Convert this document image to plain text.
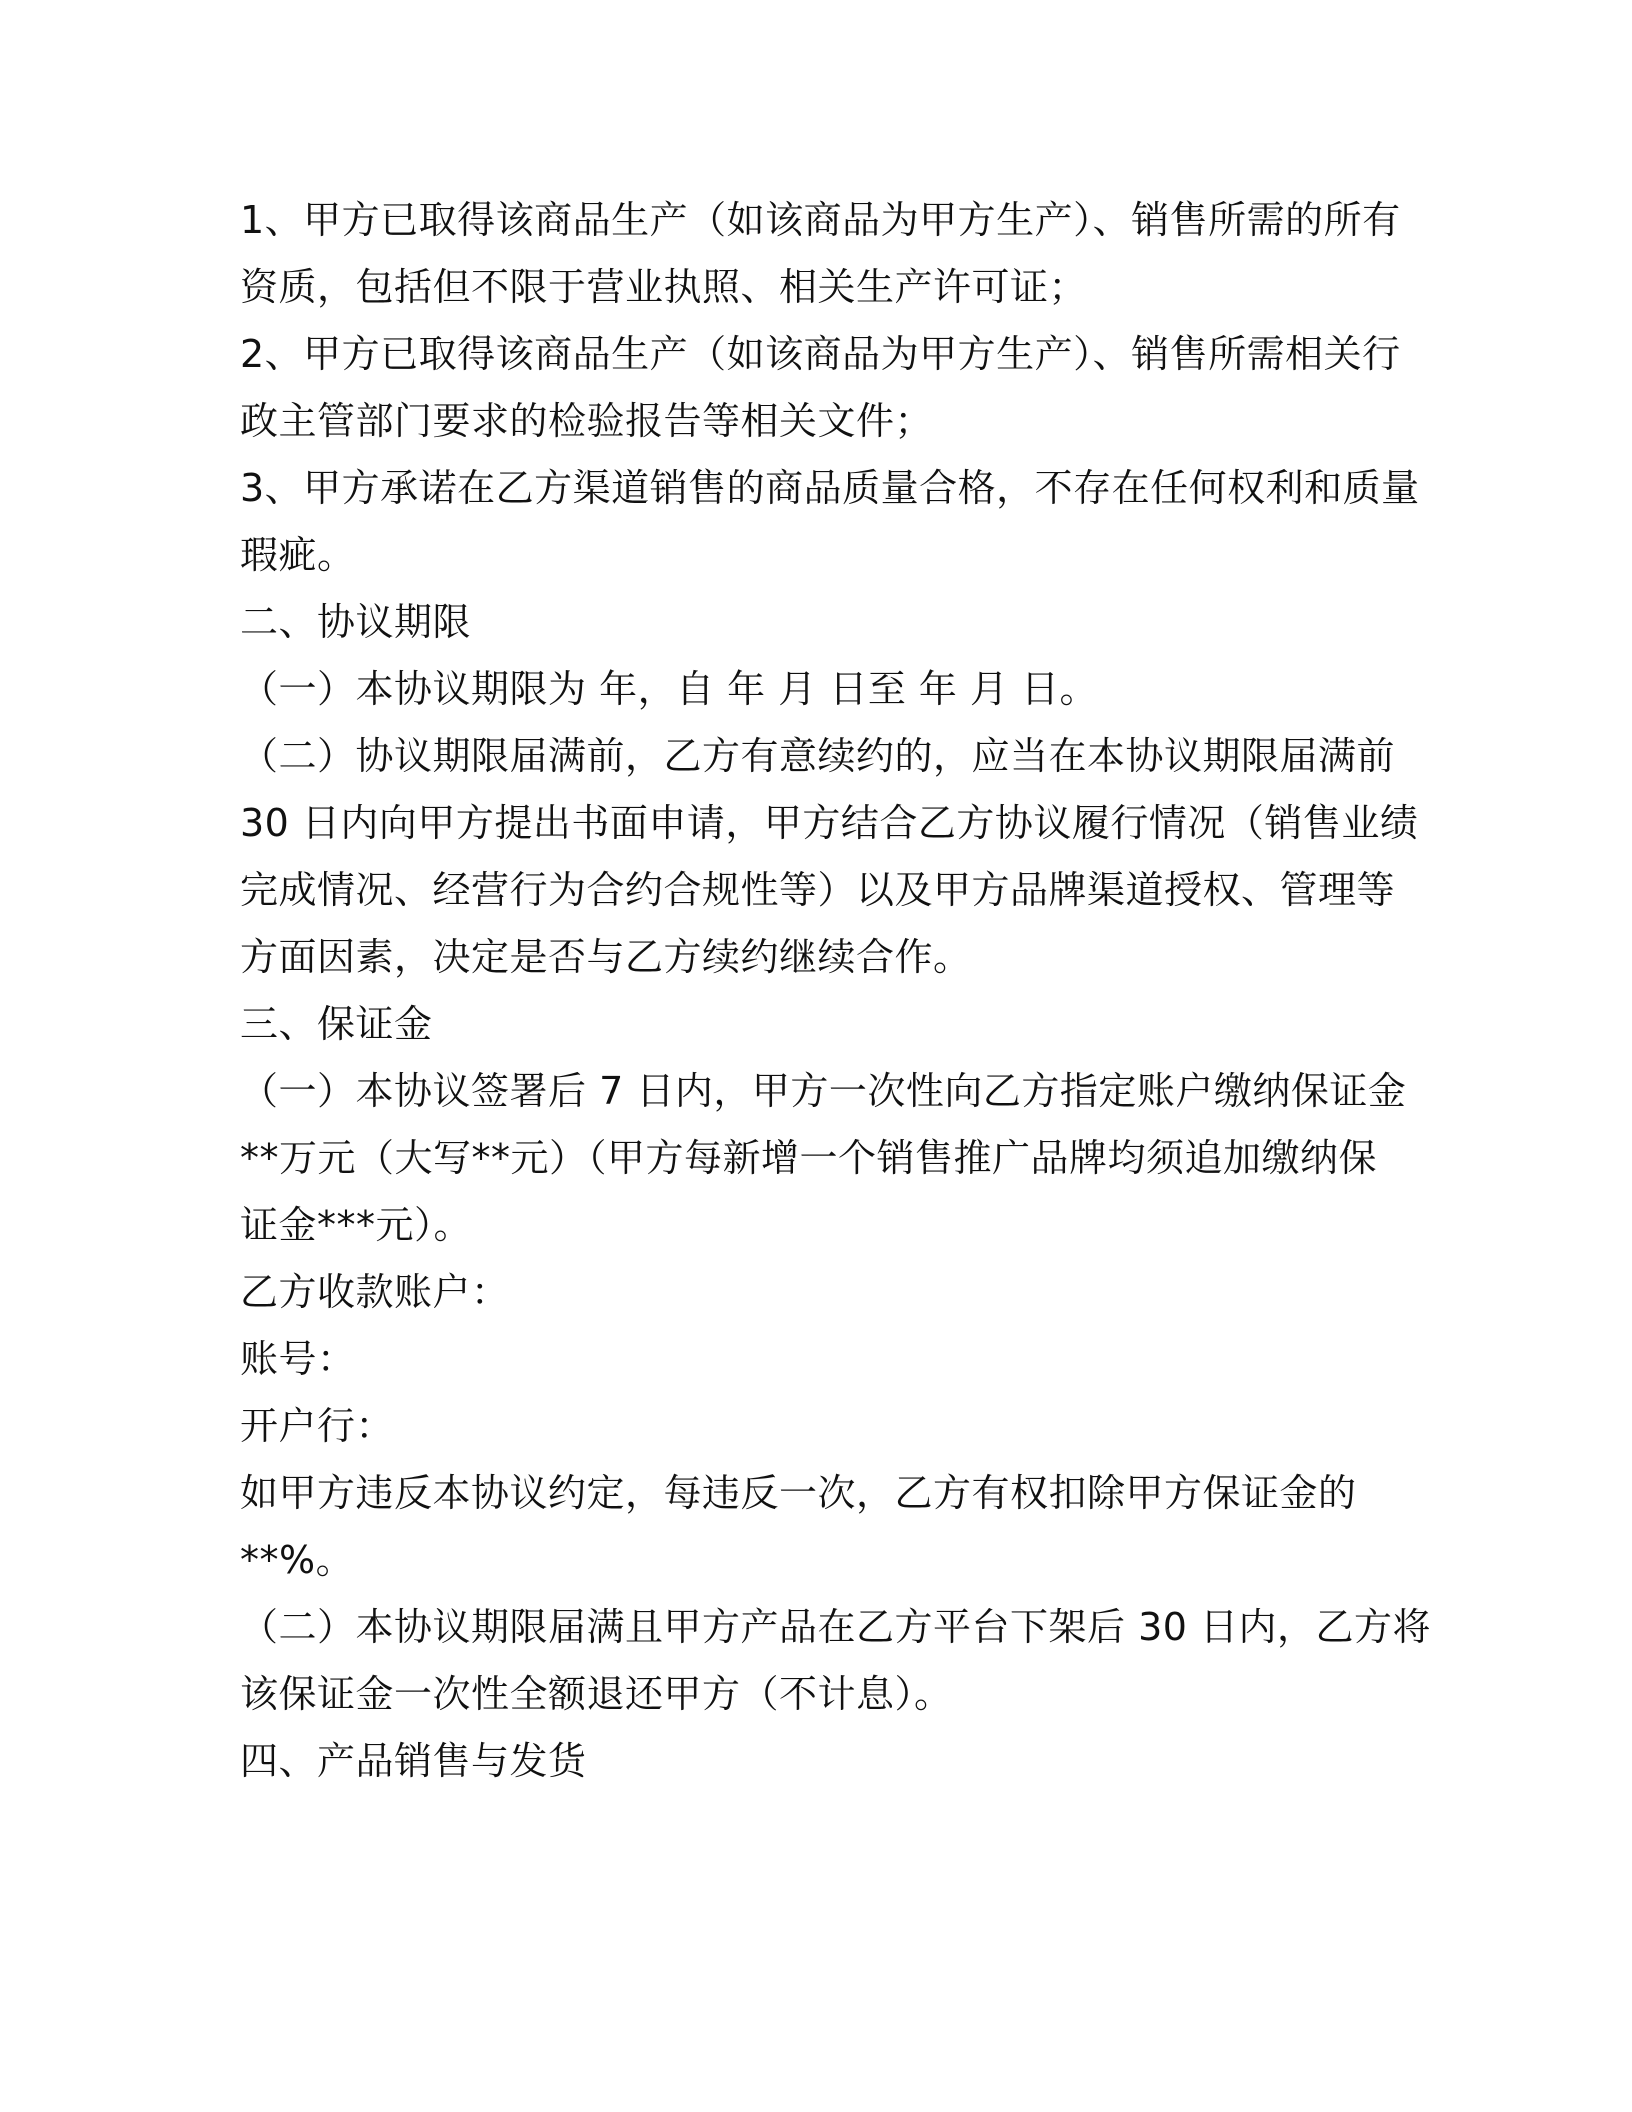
1、甲方已取得该商品生产（如该商品为甲方生产）、销售所需的所有
资质，包括但不限于营业执照、相关生产许可证；
2、甲方已取得该商品生产（如该商品为甲方生产）、销售所需相关行
政主管部门要求的检验报告等相关文件；
3、甲方承诺在乙方渠道销售的商品质量合格，不存在任何权利和质量
瑕疵。
二、协议期限
（一）本协议期限为 年，自 年 月 日至 年 月 日。
（二）协议期限届满前，乙方有意续约的，应当在本协议期限届满前
30 日内向甲方提出书面申请，甲方结合乙方协议履行情况（销售业绩
完成情况、经营行为合约合规性等）以及甲方品牌渠道授权、管理等
方面因素，决定是否与乙方续约继续合作。
三、保证金
（一）本协议签署后 7 日内，甲方一次性向乙方指定账户缴纳保证金
**万元（大写**元）（甲方每新增一个销售推广品牌均须追加缴纳保
证金***元）。
乙方收款账户：
账号：
开户行：
如甲方违反本协议约定，每违反一次，乙方有权扣除甲方保证金的
**%。
（二）本协议期限届满且甲方产品在乙方平台下架后 30 日内，乙方将
该保证金一次性全额退还甲方（不计息）。
四、产品销售与发货
